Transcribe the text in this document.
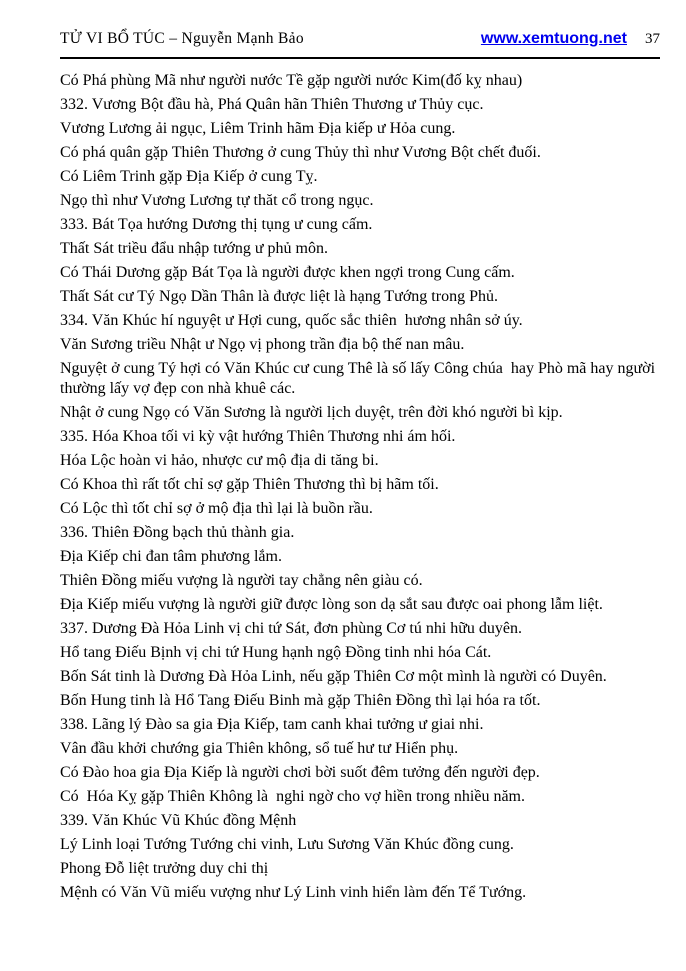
TỬ VI BỔ TÚC – Nguyễn Mạnh Bảo	www.xemtuong.net 37

Có Phá phùng Mã như người nước Tề gặp người nước Kim(đố kỵ nhau)

332. Vương Bột đầu hà, Phá Quân hãn Thiên Thương ư Thủy cục.

Vương Lương ải ngục, Liêm Trinh hãm Địa kiếp ư Hỏa cung.

Có phá quân gặp Thiên Thương ở cung Thủy thì như Vương Bột chết đuối.

Có Liêm Trinh gặp Địa Kiếp ở cung Tỵ.

Ngọ thì như Vương Lương tự thăt cổ trong ngục.

333. Bát Tọa hướng Dương thị tụng ư cung cấm.

Thất Sát triều đẩu nhập tướng ư phủ môn.

Có Thái Dương gặp Bát Tọa là người được khen ngợi trong Cung cấm.

Thất Sát cư Tý Ngọ Dần Thân là được liệt là hạng Tướng trong Phủ.

334. Văn Khúc hí nguyệt ư Hợi cung, quốc sắc thiên  hương nhân sở úy.

Văn Sương triều Nhật ư Ngọ vị phong trần địa bộ thế nan mâu.

Nguyệt ở cung Tý hợi có Văn Khúc cư cung Thê là số lấy Công chúa  hay Phò mã hay người thường lấy vợ đẹp con nhà khuê các.

Nhật ở cung Ngọ có Văn Sương là người lịch duyệt, trên đời khó người bì kịp.

335. Hóa Khoa tối vi kỳ vật hướng Thiên Thương nhi ám hối.

Hóa Lộc hoàn vi hảo, nhược cư mộ địa di tăng bi.

Có Khoa thì rất tốt chỉ sợ gặp Thiên Thương thì bị hãm tối.

Có Lộc thì tốt chỉ sợ ở mộ địa thì lại là buồn rầu.

336. Thiên Đồng bạch thủ thành gia.

Địa Kiếp chi đan tâm phương lắm.

Thiên Đồng miếu vượng là người tay chẳng nên giàu có.

Địa Kiếp miếu vượng là người giữ được lòng son dạ sắt sau được oai phong lẫm liệt.

337. Dương Đà Hỏa Linh vị chi tứ Sát, đơn phùng Cơ tú nhi hữu duyên.

Hổ tang Điếu Bịnh vị chi tứ Hung hạnh ngộ Đồng tinh nhi hóa Cát.

Bốn Sát tinh là Dương Đà Hỏa Linh, nếu gặp Thiên Cơ một mình là người có Duyên.

Bốn Hung tinh là Hổ Tang Điếu Binh mà gặp Thiên Đồng thì lại hóa ra tốt.

338. Lãng lý Đào sa gia Địa Kiếp, tam canh khai tưởng ư giai nhi.

Vân đầu khởi chướng gia Thiên không, sổ tuế hư tư Hiển phụ.

Có Đào hoa gia Địa Kiếp là người chơi bời suốt đêm tưởng đến người đẹp.

Có  Hóa Kỵ gặp Thiên Không là  nghi ngờ cho vợ hiền trong nhiều năm.

339. Văn Khúc Vũ Khúc đồng Mệnh

Lý Linh loại Tướng Tướng chi vinh, Lưu Sương Văn Khúc đồng cung.

Phong Đỗ liệt trưởng duy chi thị

Mệnh có Văn Vũ miếu vượng như Lý Linh vinh hiển làm đến Tể Tướng.
